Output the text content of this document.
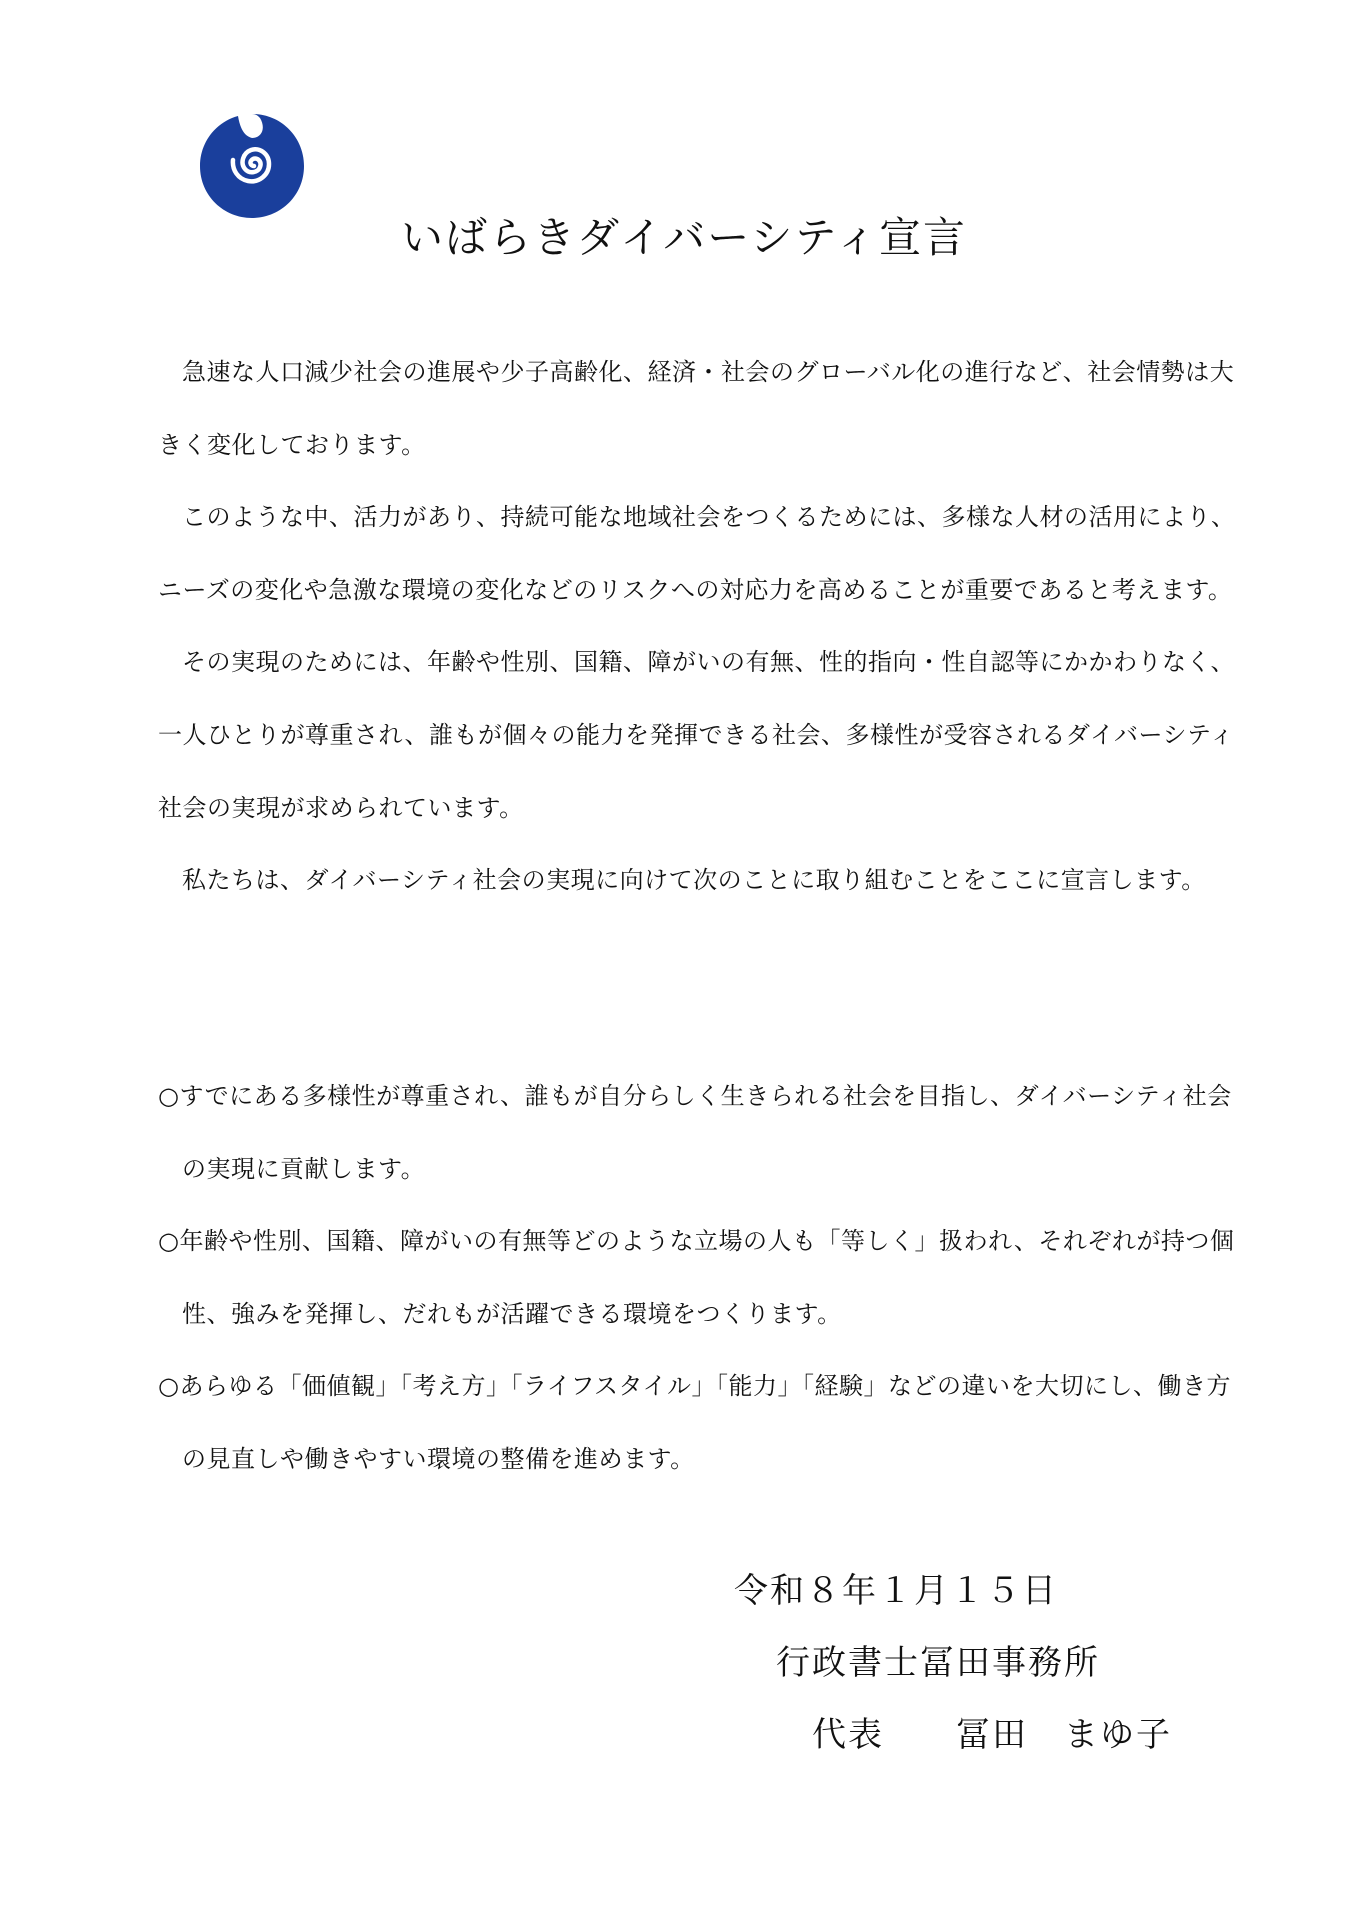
いばらきダイバーシティ宣言

急速な人口減少社会の進展や少子高齢化、経済・社会のグローバル化の進行など、社会情勢は大きく変化しております。

このような中、活力があり、持続可能な地域社会をつくるためには、多様な人材の活用により、ニーズの変化や急激な環境の変化などのリスクへの対応力を高めることが重要であると考えます。

その実現のためには、年齢や性別、国籍、障がいの有無、性的指向・性自認等にかかわりなく、一人ひとりが尊重され、誰もが個々の能力を発揮できる社会、多様性が受容されるダイバーシティ社会の実現が求められています。

私たちは、ダイバーシティ社会の実現に向けて次のことに取り組むことをここに宣言します。

○すでにある多様性が尊重され、誰もが自分らしく生きられる社会を目指し、ダイバーシティ社会の実現に貢献します。

○年齢や性別、国籍、障がいの有無等どのような立場の人も「等しく」扱われ、それぞれが持つ個性、強みを発揮し、だれもが活躍できる環境をつくります。

○あらゆる「価値観」「考え方」「ライフスタイル」「能力」「経験」などの違いを大切にし、働き方の見直しや働きやすい環境の整備を進めます。

令和８年１月１５日
行政書士冨田事務所
代表　　冨田　まゆ子
